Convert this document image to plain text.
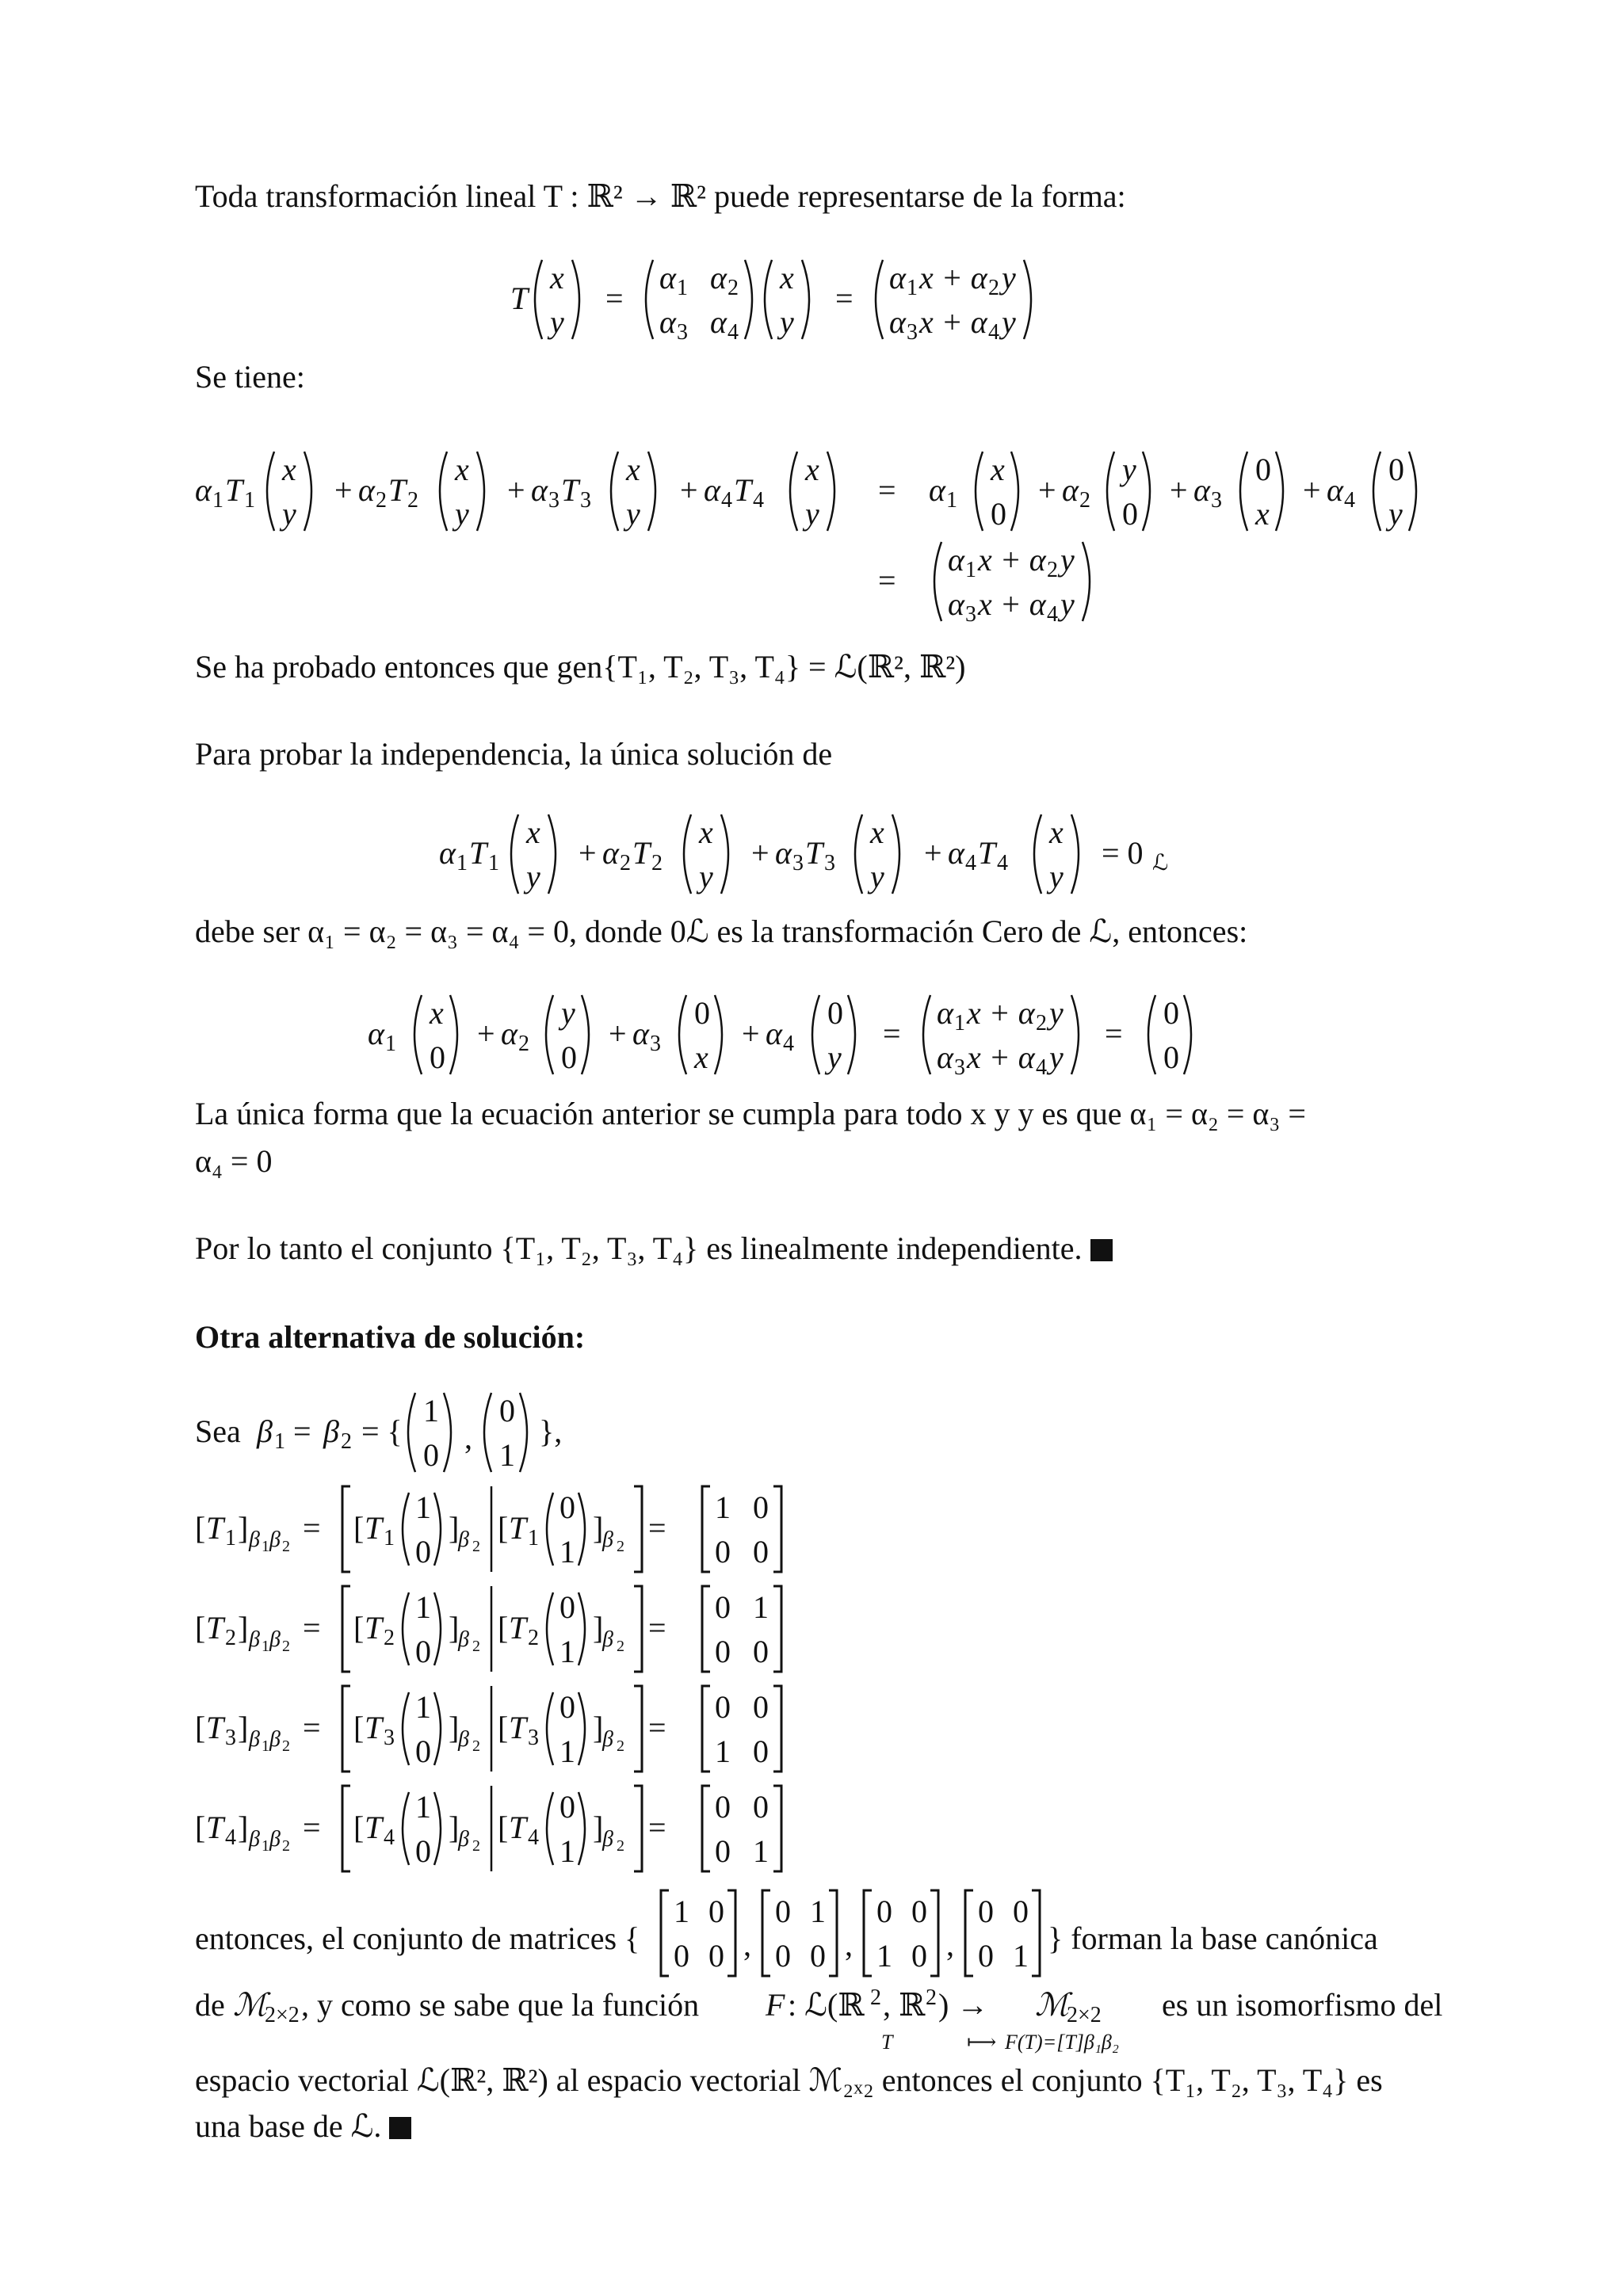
Toda transformación lineal T : ℝ² → ℝ² puede representarse de la forma:

T
x
y
=
α 1 α 2
α 3 α 4
x
y
=
α 1 x + α 2 y
α 3 x + α 4 y

Se tiene:

α 1 T 1
x
y
+ α 2 T 2
x
y
+ α 3 T 3
x
y
+ α 4 T 4
x
y
= α 1
x
0
+ α 2
y
0
+ α 3
0
x
+ α 4
0
y
=
α 1 x + α 2 y
α 3 x + α 4 y

Se ha probado entonces que gen{T₁, T₂, T₃, T₄} = ℒ(ℝ², ℝ²)

Para probar la independencia, la única solución de

α 1 T 1
x
y
+ α 2 T 2
x
y
+ α 3 T 3
x
y
+ α 4 T 4
x
y
= 0 ℒ

debe ser α₁ = α₂ = α₃ = α₄ = 0, donde 0ℒ es la transformación Cero de ℒ, entonces:

α 1
x
0
+ α 2
y
0
+ α 3
0
x
+ α 4
0
y
=
α 1 x + α 2 y
α 3 x + α 4 y
=
0
0

La única forma que la ecuación anterior se cumpla para todo x y y es que α₁ = α₂ = α₃ =

α₄ = 0

Por lo tanto el conjunto {T₁, T₂, T₃, T₄} es linealmente independiente.

Otra alternativa de solución:

Sea β 1 = β 2 = {
1
0 ,
0
1
},
[ T 1 ] β 1 β 2
= [ T 1
1
0
]
β 2
[ T 1
0
1
]
β 2
=
1 0
0 0
[ T 2 ] β 1 β 2
= [ T 2
1
0
]
β 2
[ T 2
0
1
]
β 2
=
0 1
0 0
[ T 3 ] β 1 β 2
= [ T 3
1
0
]
β 2
[ T 3
0
1
]
β 2
=
0 0
1 0
[ T 4 ] β 1 β 2
= [ T 4
1
0
]
β 2
[ T 4
0
1
]
β 2
=
0 0
0 1
entonces, el conjunto de matrices {
1 0
0 0 ,
0 1
0 0 ,
0 0
1 0 ,
0 0
0 1 } forman la base canónica
de ℳ
2×2 , y como se sabe que la función F : ℒ(ℝ 2 , ℝ 2 ) → ℳ
2×2 es un isomorfismo del
T	⟼ F(T)=[T]β₁β₂

espacio vectorial ℒ(ℝ², ℝ²) al espacio vectorial ℳ₂ₓ₂ entonces el conjunto {T₁, T₂, T₃, T₄} es

una base de ℒ.
